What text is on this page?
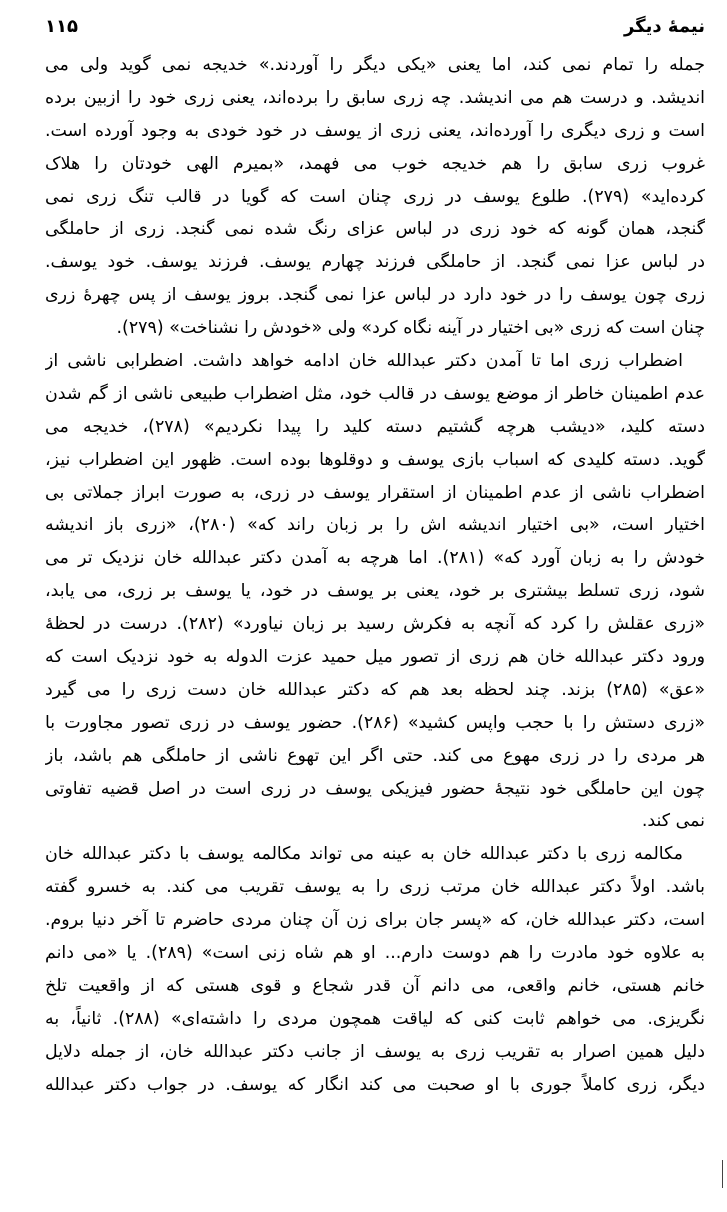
نیمهٔ دیگر
۱۱۵
جمله را تمام نمی کند، اما یعنی «یکی دیگر را آوردند.» خدیجه نمی گوید ولی می
اندیشد. و درست هم می اندیشد. چه زری سابق را برده‌اند، یعنی زری خود را ازبین برده
است و زری دیگری را آورده‌اند، یعنی زری از یوسف در خود خودی به وجود آورده است.
غروب زری سابق را هم خدیجه خوب می فهمد، «بمیرم الهی خودتان را هلاک
کرده‌اید» (۲۷۹). طلوع یوسف در زری چنان است که گویا در قالب تنگ زری نمی
گنجد، همان گونه که خود زری در لباس عزای رنگ شده نمی گنجد. زری از حاملگی
در لباس عزا نمی گنجد. از حاملگی فرزند چهارم یوسف. فرزند یوسف. خود یوسف.
زری چون یوسف را در خود دارد در لباس عزا نمی گنجد. بروز یوسف از پس چهرهٔ زری
چنان است که زری «بی اختیار در آینه نگاه کرد» ولی «خودش را نشناخت» (۲۷۹).
اضطراب زری اما تا آمدن دکتر عبدالله خان ادامه خواهد داشت. اضطرابی ناشی از
عدم اطمینان خاطر از موضع یوسف در قالب خود، مثل اضطراب طبیعی ناشی از گم شدن
دسته کلید، «دیشب هرچه گشتیم دسته کلید را پیدا نکردیم» (۲۷۸)، خدیجه می
گوید. دسته کلیدی که اسباب بازی یوسف و دوقلوها بوده است. ظهور این اضطراب نیز،
اضطراب ناشی از عدم اطمینان از استقرار یوسف در زری، به صورت ابراز جملاتی بی
اختیار است، «بی اختیار اندیشه اش را بر زبان راند که» (۲۸۰)، «زری باز اندیشه
خودش را به زبان آورد که» (۲۸۱). اما هرچه به آمدن دکتر عبدالله خان نزدیک تر می
شود، زری تسلط بیشتری بر خود، یعنی بر یوسف در خود، یا یوسف بر زری، می یابد،
«زری عقلش را کرد که آنچه به فکرش رسید بر زبان نیاورد» (۲۸۲). درست در لحظهٔ
ورود دکتر عبدالله خان هم زری از تصور میل حمید عزت الدوله به خود نزدیک است که
«عق» (۲۸۵) بزند. چند لحظه بعد هم که دکتر عبدالله خان دست زری را می گیرد
«زری دستش را با حجب واپس کشید» (۲۸۶). حضور یوسف در زری تصور مجاورت با
هر مردی را در زری مهوع می کند. حتی اگر این تهوع ناشی از حاملگی هم باشد، باز
چون این حاملگی خود نتیجهٔ حضور فیزیکی یوسف در زری است در اصل قضیه تفاوتی
نمی کند.
مکالمه زری با دکتر عبدالله خان به عینه می تواند مکالمه یوسف با دکتر عبدالله خان
باشد. اولاً دکتر عبدالله خان مرتب زری را به یوسف تقریب می کند. به خسرو گفته
است، دکتر عبدالله خان، که «پسر جان برای زن آن چنان مردی حاضرم تا آخر دنیا بروم.
به علاوه خود مادرت را هم دوست دارم... او هم شاه زنی است» (۲۸۹). یا «می دانم
خانم هستی، خانم واقعی، می دانم آن قدر شجاع و قوی هستی که از واقعیت تلخ
نگریزی. می خواهم ثابت کنی که لیاقت همچون مردی را داشته‌ای» (۲۸۸). ثانیاً، به
دلیل همین اصرار به تقریب زری به یوسف از جانب دکتر عبدالله خان، از جمله دلایل
دیگر، زری کاملاً جوری با او صحبت می کند انگار که یوسف. در جواب دکتر عبدالله
